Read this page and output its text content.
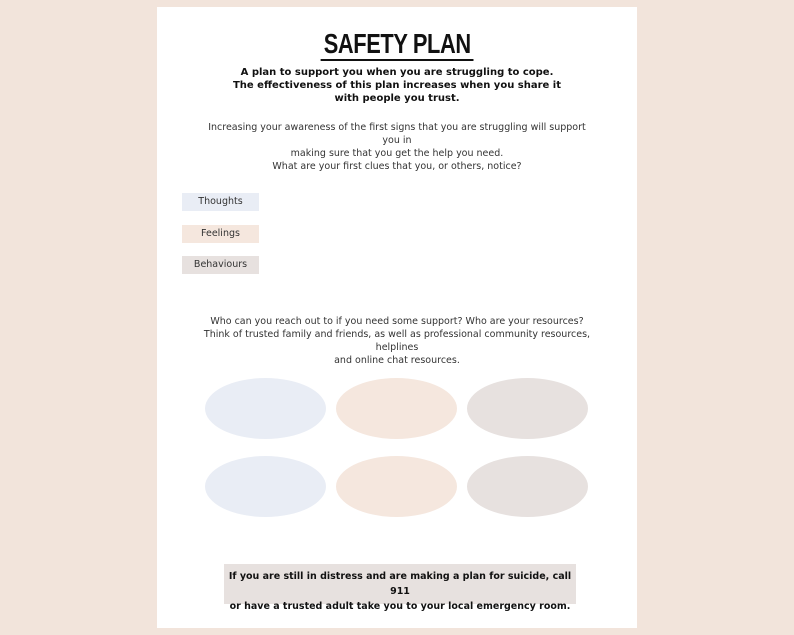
SAFETY PLAN
A plan to support you when you are struggling to cope.
The effectiveness of this plan increases when you share it
with people you trust.
Increasing your awareness of the first signs that you are struggling will support you in
making sure that you get the help you need.
What are your first clues that you, or others, notice?
Thoughts
Feelings
Behaviours
Who can you reach out to if you need some support? Who are your resources?
Think of trusted family and friends, as well as professional community resources, helplines
and online chat resources.
If you are still in distress and are making a plan for suicide, call 911
or have a trusted adult take you to your local emergency room.
